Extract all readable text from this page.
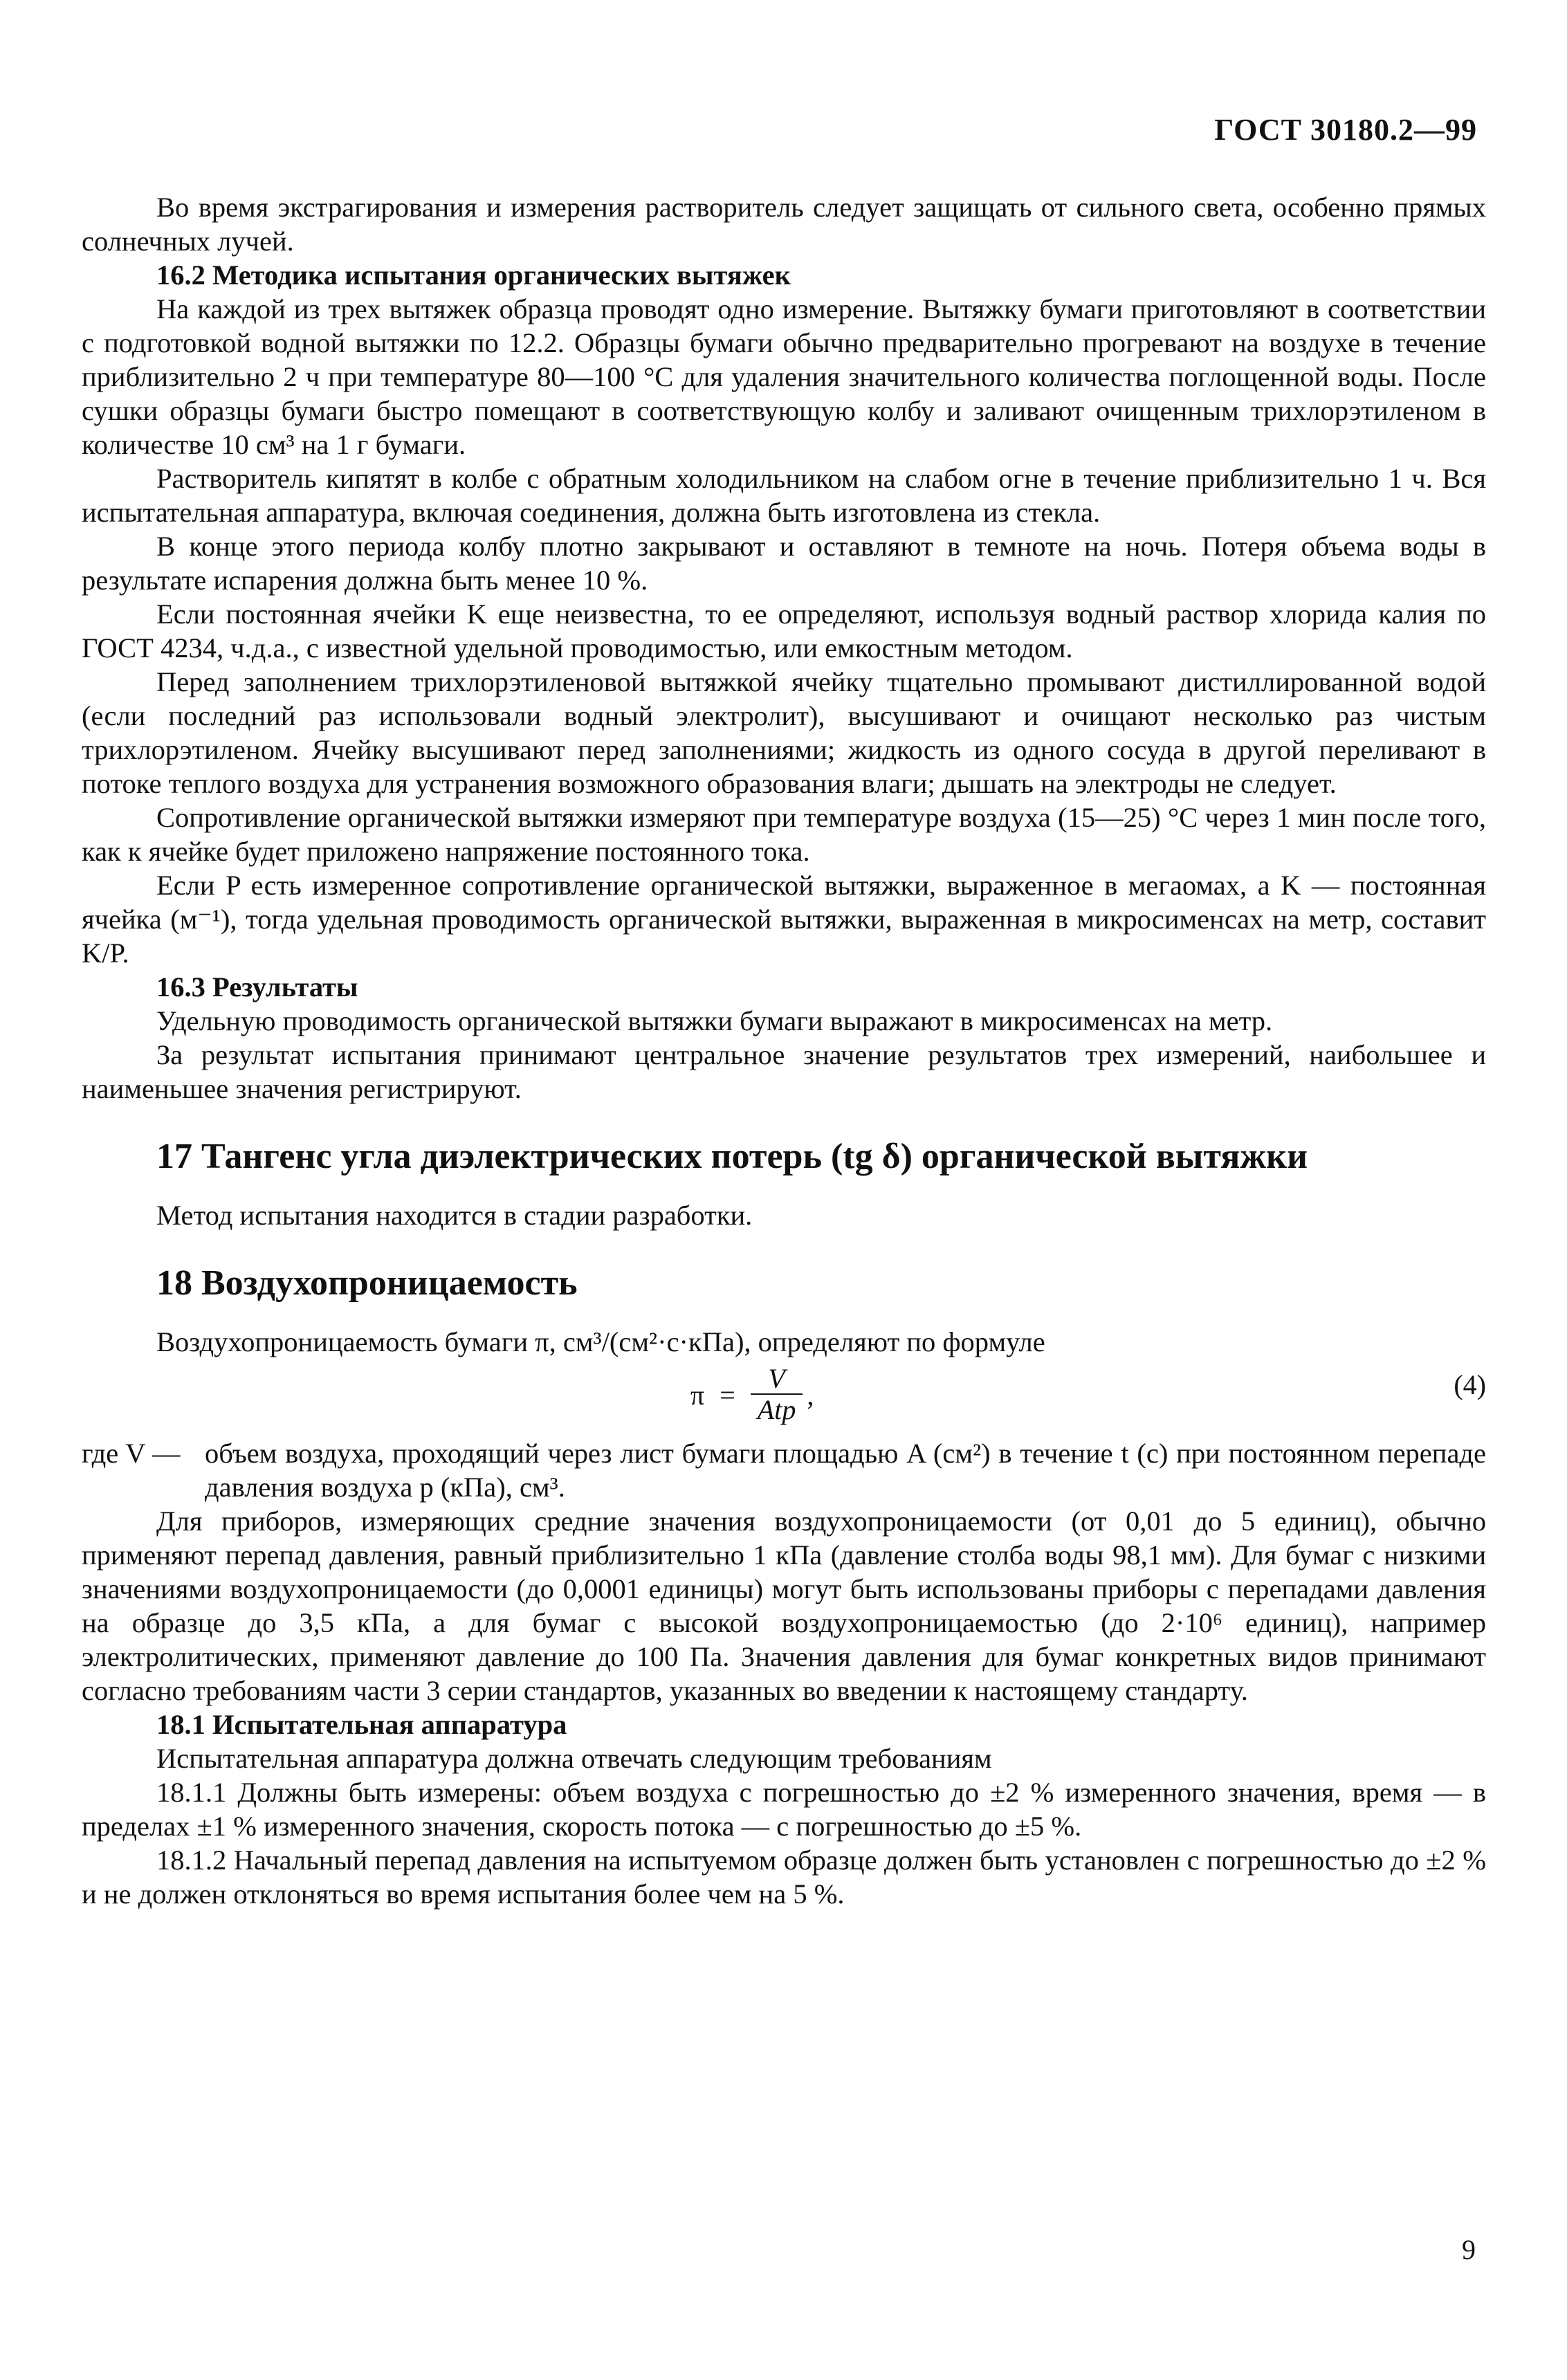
ГОСТ 30180.2—99

Во время экстрагирования и измерения растворитель следует защищать от сильного света, особенно прямых солнечных лучей.

16.2 Методика испытания органических вытяжек

На каждой из трех вытяжек образца проводят одно измерение. Вытяжку бумаги приготовляют в соответствии с подготовкой водной вытяжки по 12.2. Образцы бумаги обычно предварительно прогревают на воздухе в течение приблизительно 2 ч при температуре 80—100 °С для удаления значительного количества поглощенной воды. После сушки образцы бумаги быстро помещают в соответствующую колбу и заливают очищенным трихлорэтиленом в количестве 10 см³ на 1 г бумаги.

Растворитель кипятят в колбе с обратным холодильником на слабом огне в течение приблизительно 1 ч. Вся испытательная аппаратура, включая соединения, должна быть изготовлена из стекла.

В конце этого периода колбу плотно закрывают и оставляют в темноте на ночь. Потеря объема воды в результате испарения должна быть менее 10 %.

Если постоянная ячейки K еще неизвестна, то ее определяют, используя водный раствор хлорида калия по ГОСТ 4234, ч.д.а., с известной удельной проводимостью, или емкостным методом.

Перед заполнением трихлорэтиленовой вытяжкой ячейку тщательно промывают дистиллированной водой (если последний раз использовали водный электролит), высушивают и очищают несколько раз чистым трихлорэтиленом. Ячейку высушивают перед заполнениями; жидкость из одного сосуда в другой переливают в потоке теплого воздуха для устранения возможного образования влаги; дышать на электроды не следует.

Сопротивление органической вытяжки измеряют при температуре воздуха (15—25) °С через 1 мин после того, как к ячейке будет приложено напряжение постоянного тока.

Если P есть измеренное сопротивление органической вытяжки, выраженное в мегаомах, а K — постоянная ячейка (м⁻¹), тогда удельная проводимость органической вытяжки, выраженная в микросименсах на метр, составит K/P.

16.3 Результаты

Удельную проводимость органической вытяжки бумаги выражают в микросименсах на метр.

За результат испытания принимают центральное значение результатов трех измерений, наибольшее и наименьшее значения регистрируют.

17 Тангенс угла диэлектрических потерь (tg δ) органической вытяжки

Метод испытания находится в стадии разработки.

18 Воздухопроницаемость

Воздухопроницаемость бумаги π, см³/(см²·с·кПа), определяют по формуле

$\pi = \frac{V}{\text{Atp}}$ ,	(4)
где V — объем воздуха, проходящий через лист бумаги площадью A (см²) в течение t (с) при постоянном перепаде давления воздуха p (кПа), см³.

Для приборов, измеряющих средние значения воздухопроницаемости (от 0,01 до 5 единиц), обычно применяют перепад давления, равный приблизительно 1 кПа (давление столба воды 98,1 мм). Для бумаг с низкими значениями воздухопроницаемости (до 0,0001 единицы) могут быть использованы приборы с перепадами давления на образце до 3,5 кПа, а для бумаг с высокой воздухопроницаемостью (до 2·10⁶ единиц), например электролитических, применяют давление до 100 Па. Значения давления для бумаг конкретных видов принимают согласно требованиям части 3 серии стандартов, указанных во введении к настоящему стандарту.

18.1 Испытательная аппаратура

Испытательная аппаратура должна отвечать следующим требованиям

18.1.1 Должны быть измерены: объем воздуха с погрешностью до ±2 % измеренного значения, время — в пределах ±1 % измеренного значения, скорость потока — с погрешностью до ±5 %.

18.1.2 Начальный перепад давления на испытуемом образце должен быть установлен с погрешностью до ±2 % и не должен отклоняться во время испытания более чем на 5 %.

9
